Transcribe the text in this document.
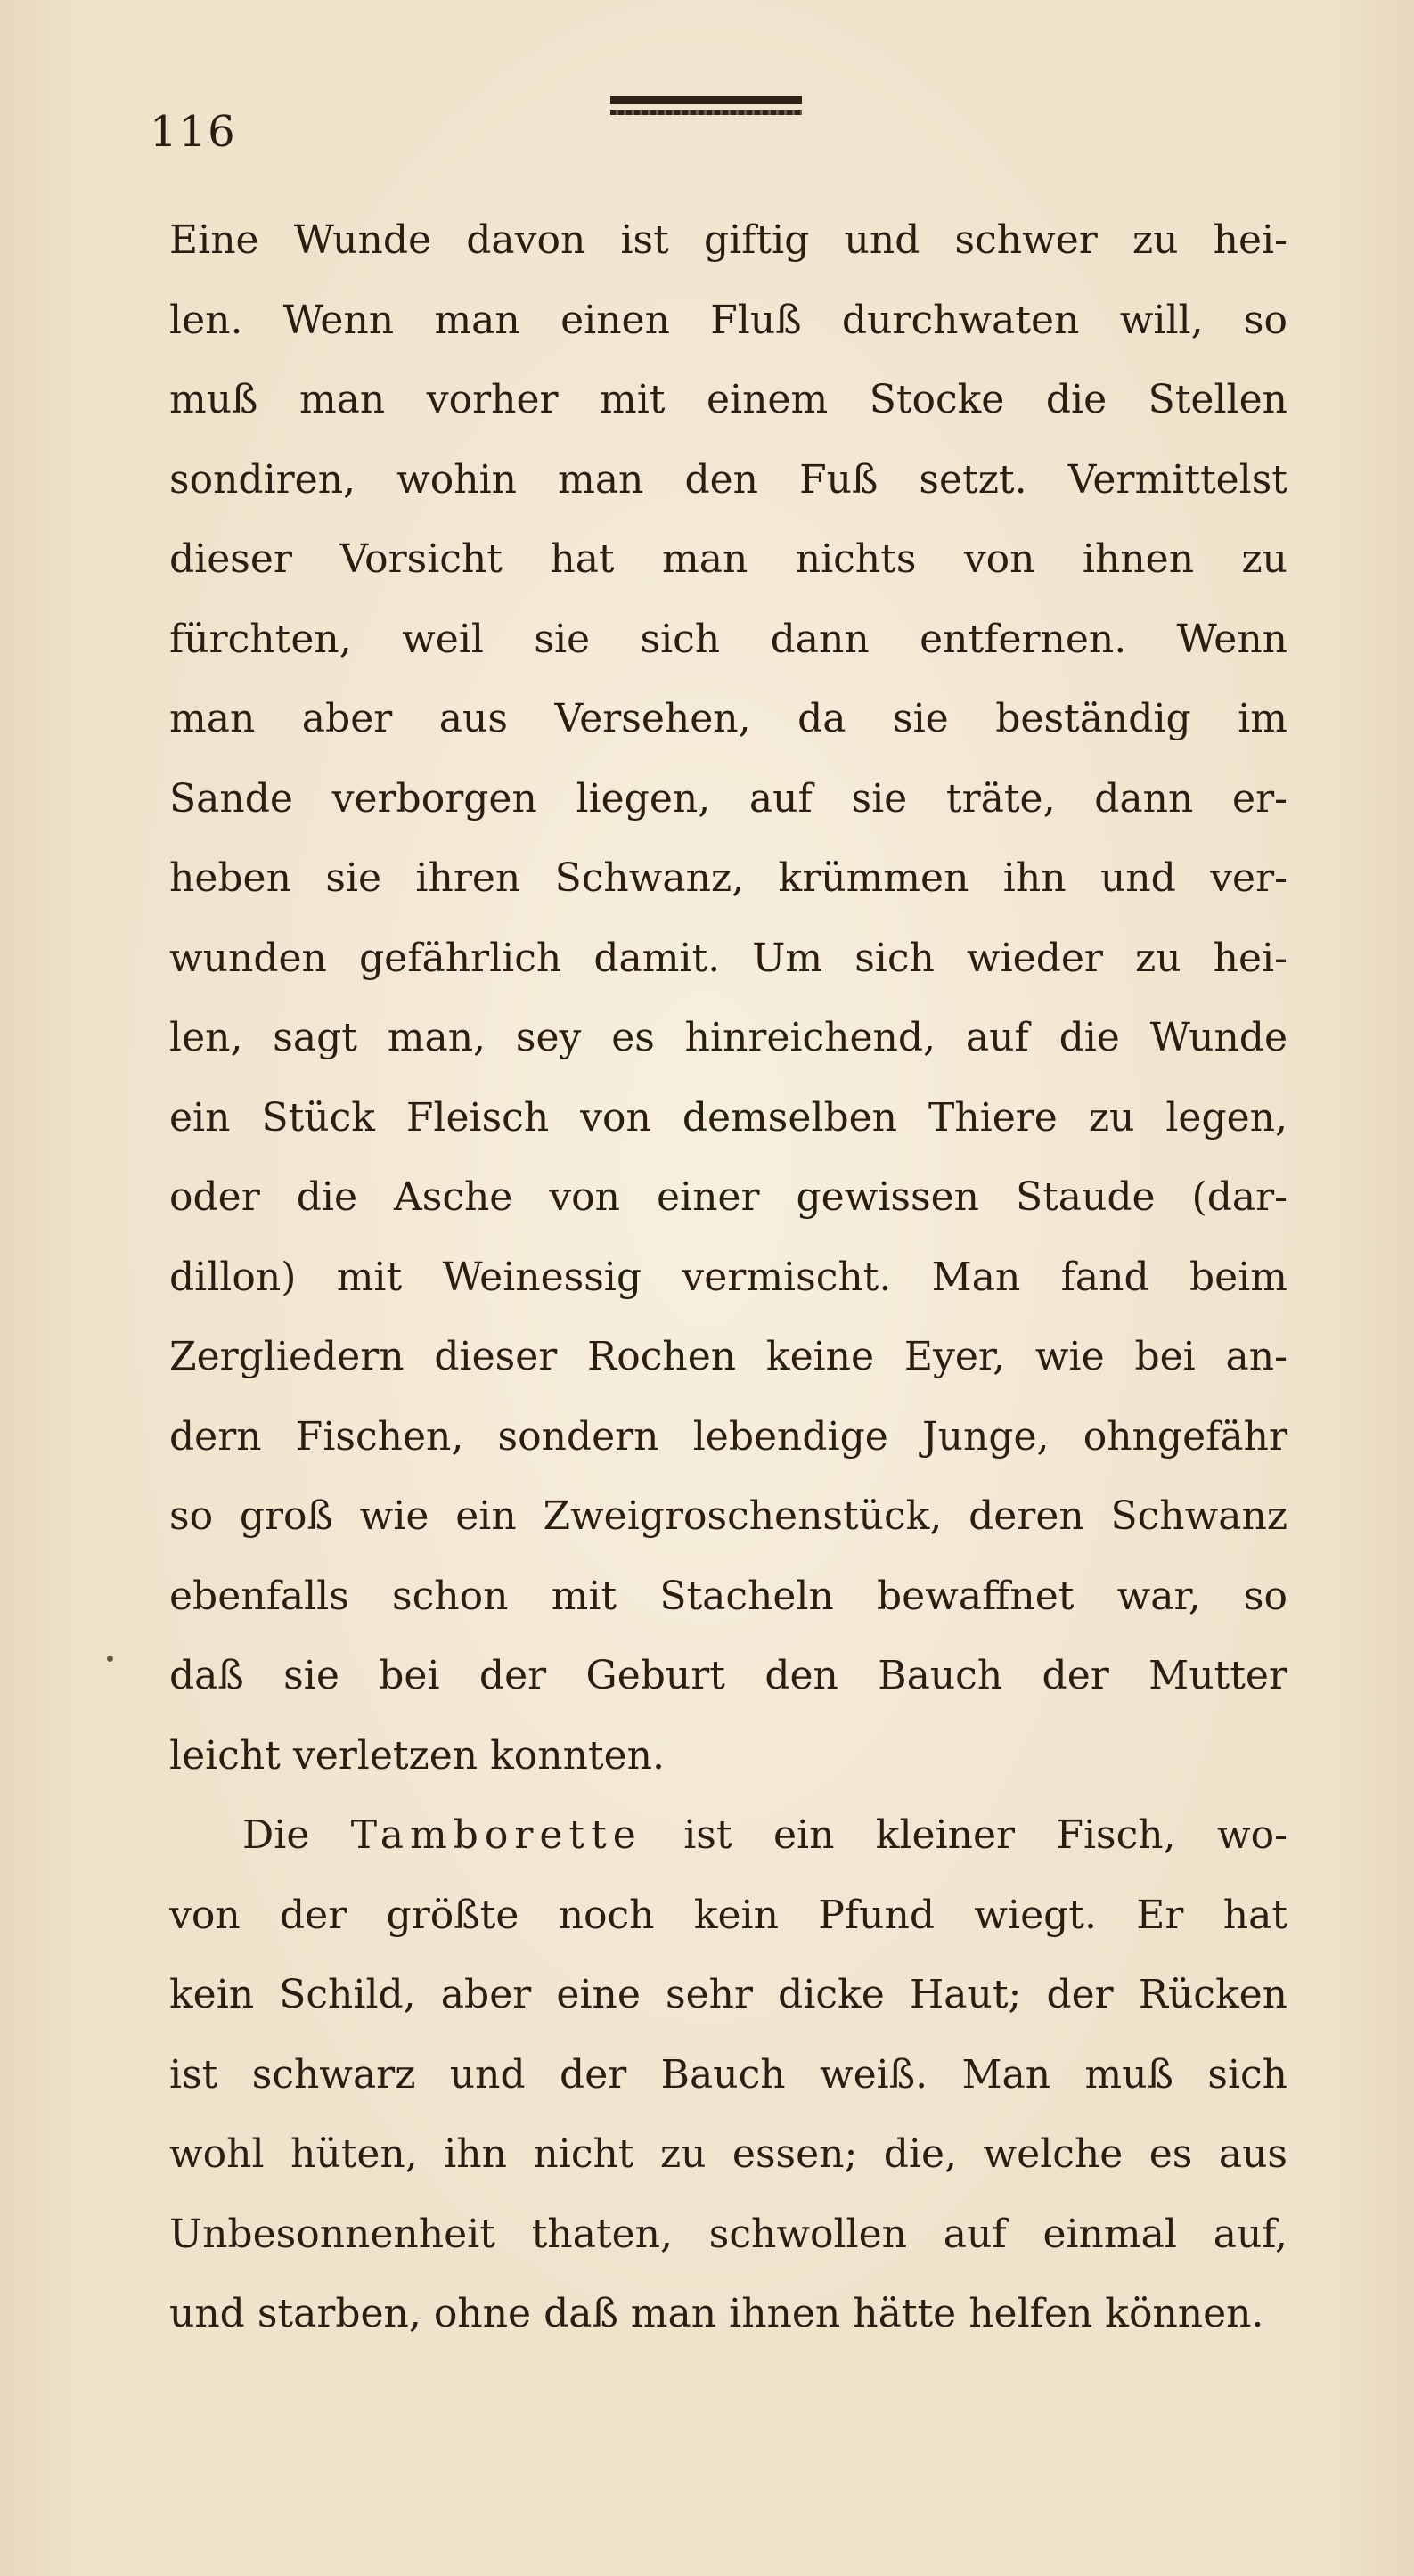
116
Eine Wunde davon ist giftig und schwer zu hei-
len. Wenn man einen Fluß durchwaten will, so
muß man vorher mit einem Stocke die Stellen
sondiren, wohin man den Fuß setzt. Vermittelst
dieser Vorsicht hat man nichts von ihnen zu
fürchten, weil sie sich dann entfernen. Wenn
man aber aus Versehen, da sie beständig im
Sande verborgen liegen, auf sie träte, dann er-
heben sie ihren Schwanz, krümmen ihn und ver-
wunden gefährlich damit. Um sich wieder zu hei-
len, sagt man, sey es hinreichend, auf die Wunde
ein Stück Fleisch von demselben Thiere zu legen,
oder die Asche von einer gewissen Staude (dar-
dillon) mit Weinessig vermischt. Man fand beim
Zergliedern dieser Rochen keine Eyer, wie bei an-
dern Fischen, sondern lebendige Junge, ohngefähr
so groß wie ein Zweigroschenstück, deren Schwanz
ebenfalls schon mit Stacheln bewaffnet war, so
daß sie bei der Geburt den Bauch der Mutter
leicht verletzen konnten.
Die Tamborette ist ein kleiner Fisch, wo-
von der größte noch kein Pfund wiegt. Er hat
kein Schild, aber eine sehr dicke Haut; der Rücken
ist schwarz und der Bauch weiß. Man muß sich
wohl hüten, ihn nicht zu essen; die, welche es aus
Unbesonnenheit thaten, schwollen auf einmal auf,
und starben, ohne daß man ihnen hätte helfen können.
